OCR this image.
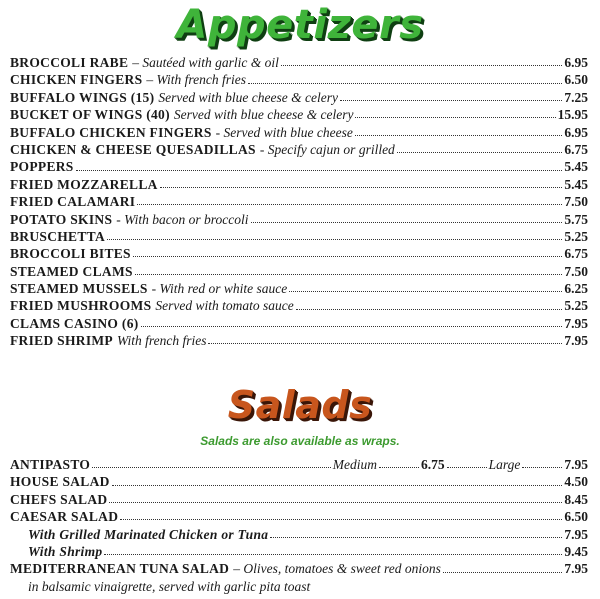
Appetizers
BROCCOLI RABE – Sautéed with garlic & oil	6.95
CHICKEN FINGERS – With french fries	6.50
BUFFALO WINGS (15) Served with blue cheese & celery	7.25
BUCKET OF WINGS (40) Served with blue cheese & celery	15.95
BUFFALO CHICKEN FINGERS - Served with blue cheese	6.95
CHICKEN & CHEESE QUESADILLAS - Specify cajun or grilled	6.75
POPPERS	5.45
FRIED MOZZARELLA	5.45
FRIED CALAMARI	7.50
POTATO SKINS - With bacon or broccoli	5.75
BRUSCHETTA	5.25
BROCCOLI BITES	6.75
STEAMED CLAMS	7.50
STEAMED MUSSELS - With red or white sauce	6.25
FRIED MUSHROOMS Served with tomato sauce	5.25
CLAMS CASINO (6)	7.95
FRIED SHRIMP With french fries	7.95
Salads
Salads are also available as wraps.
ANTIPASTO	Medium	6.75	Large	7.95
HOUSE SALAD	4.50
CHEFS SALAD	8.45
CAESAR SALAD	6.50
With Grilled Marinated Chicken or Tuna	7.95
With Shrimp	9.45
MEDITERRANEAN TUNA SALAD – Olives, tomatoes & sweet red onions	7.95
in balsamic vinaigrette, served with garlic pita toast
